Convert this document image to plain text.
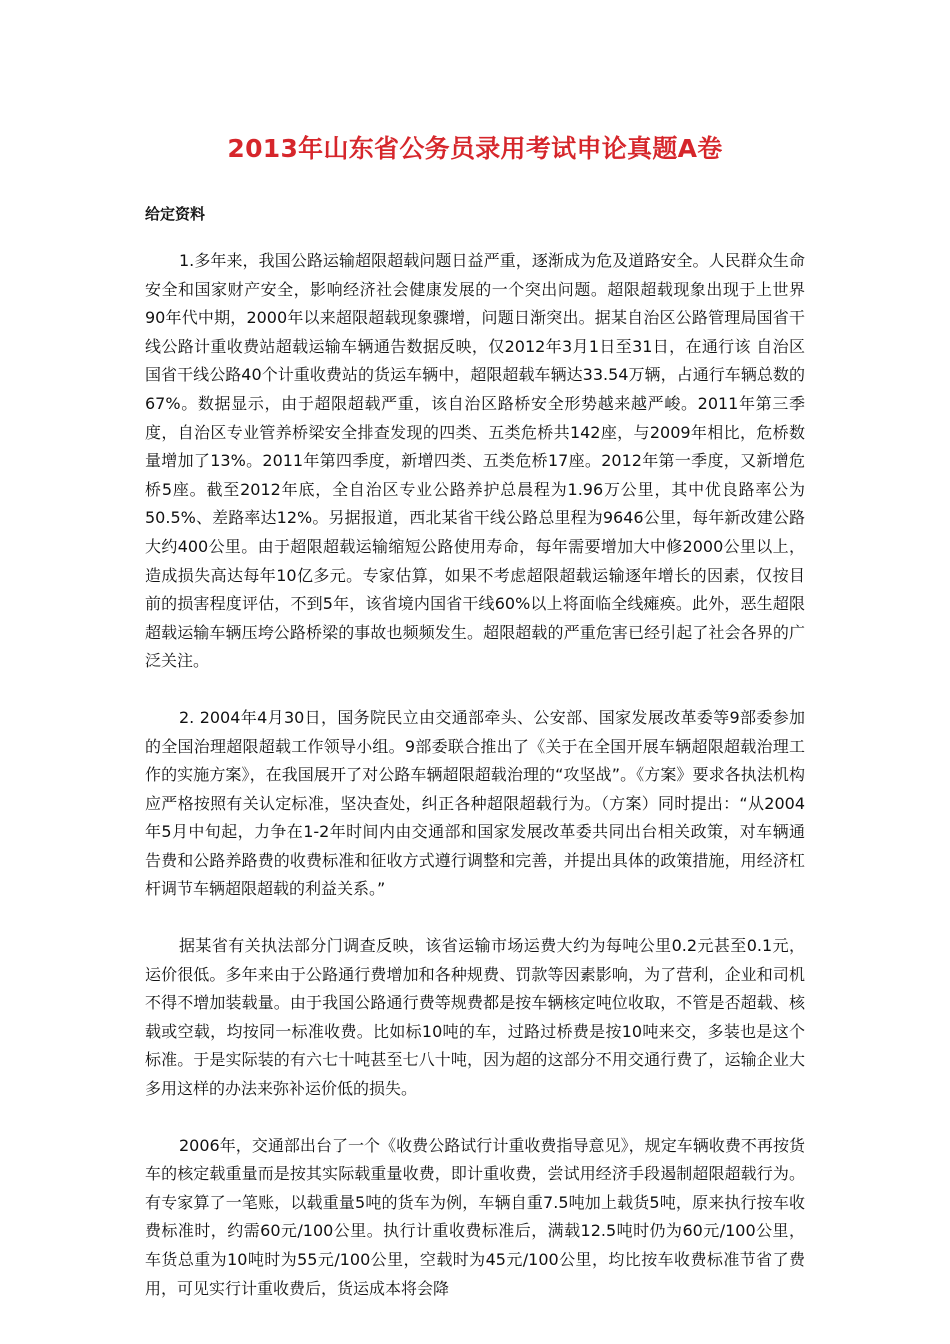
2013年山东省公务员录用考试申论真题A卷
给定资料

1.多年来，我国公路运输超限超载问题日益严重，逐渐成为危及道路安全。人民群众生命安全和国家财产安全，影响经济社会健康发展的一个突出问题。超限超载现象出现于上世界90年代中期，2000年以来超限超载现象骤增，问题日渐突出。据某自治区公路管理局国省干线公路计重收费站超载运输车辆通告数据反映，仅2012年3月1日至31日，在通行该 自治区国省干线公路40个计重收费站的货运车辆中，超限超载车辆达33.54万辆，占通行车辆总数的67%。数据显示，由于超限超载严重，该自治区路桥安全形势越来越严峻。2011年第三季度，自治区专业管养桥梁安全排查发现的四类、五类危桥共142座，与2009年相比，危桥数量增加了13%。2011年第四季度，新增四类、五类危桥17座。2012年第一季度，又新增危桥5座。截至2012年底，全自治区专业公路养护总晨程为1.96万公里，其中优良路率公为50.5%、差路率达12%。另据报道，西北某省干线公路总里程为9646公里，每年新改建公路大约400公里。由于超限超载运输缩短公路使用寿命，每年需要增加大中修2000公里以上，造成损失高达每年10亿多元。专家估算，如果不考虑超限超载运输逐年增长的因素，仅按目前的损害程度评估，不到5年，该省境内国省干线60%以上将面临全线瘫痪。此外，恶生超限超载运输车辆压垮公路桥梁的事故也频频发生。超限超载的严重危害已经引起了社会各界的广泛关注。

2. 2004年4月30日，国务院民立由交通部牵头、公安部、国家发展改革委等9部委参加的全国治理超限超载工作领导小组。9部委联合推出了《关于在全国开展车辆超限超载治理工作的实施方案》，在我国展开了对公路车辆超限超载治理的“攻坚战”。《方案》要求各执法机构应严格按照有关认定标准，坚决查处，纠正各种超限超载行为。（方案）同时提出：“从2004年5月中旬起，力争在1-2年时间内由交通部和国家发展改革委共同出台相关政策，对车辆通告费和公路养路费的收费标准和征收方式遵行调整和完善，并提出具体的政策措施，用经济杠杆调节车辆超限超载的利益关系。”

据某省有关执法部分门调查反映，该省运输市场运费大约为每吨公里0.2元甚至0.1元，运价很低。多年来由于公路通行费增加和各种规费、罚款等因素影响，为了营利，企业和司机不得不增加装载量。由于我国公路通行费等规费都是按车辆核定吨位收取，不管是否超载、核载或空载，均按同一标准收费。比如标10吨的车，过路过桥费是按10吨来交，多装也是这个标准。于是实际装的有六七十吨甚至七八十吨，因为超的这部分不用交通行费了，运输企业大多用这样的办法来弥补运价低的损失。

2006年，交通部出台了一个《收费公路试行计重收费指导意见》，规定车辆收费不再按货车的核定载重量而是按其实际载重量收费，即计重收费，尝试用经济手段遏制超限超载行为。有专家算了一笔账，以载重量5吨的货车为例，车辆自重7.5吨加上载货5吨，原来执行按车收费标准时，约需60元/100公里。执行计重收费标准后，满载12.5吨时仍为60元/100公里，车货总重为10吨时为55元/100公里，空载时为45元/100公里，均比按车收费标准节省了费用，可见实行计重收费后，货运成本将会降
